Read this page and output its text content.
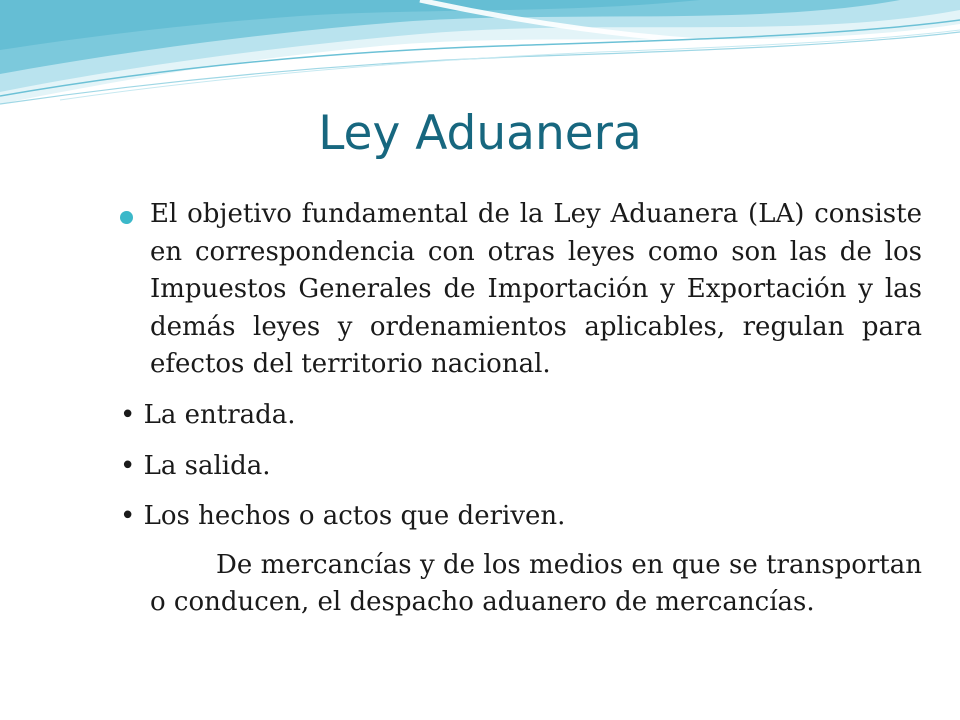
Ley Aduanera

El objetivo fundamental de la Ley Aduanera (LA) consiste en correspondencia con otras leyes como son las de los Impuestos Generales de Importación y Exportación y las demás leyes y ordenamientos aplicables, regulan para efectos del territorio nacional.

• La entrada.

• La salida.

• Los hechos o actos que deriven.

De mercancías y de los medios en que se transportan o conducen, el despacho aduanero de mercancías.
